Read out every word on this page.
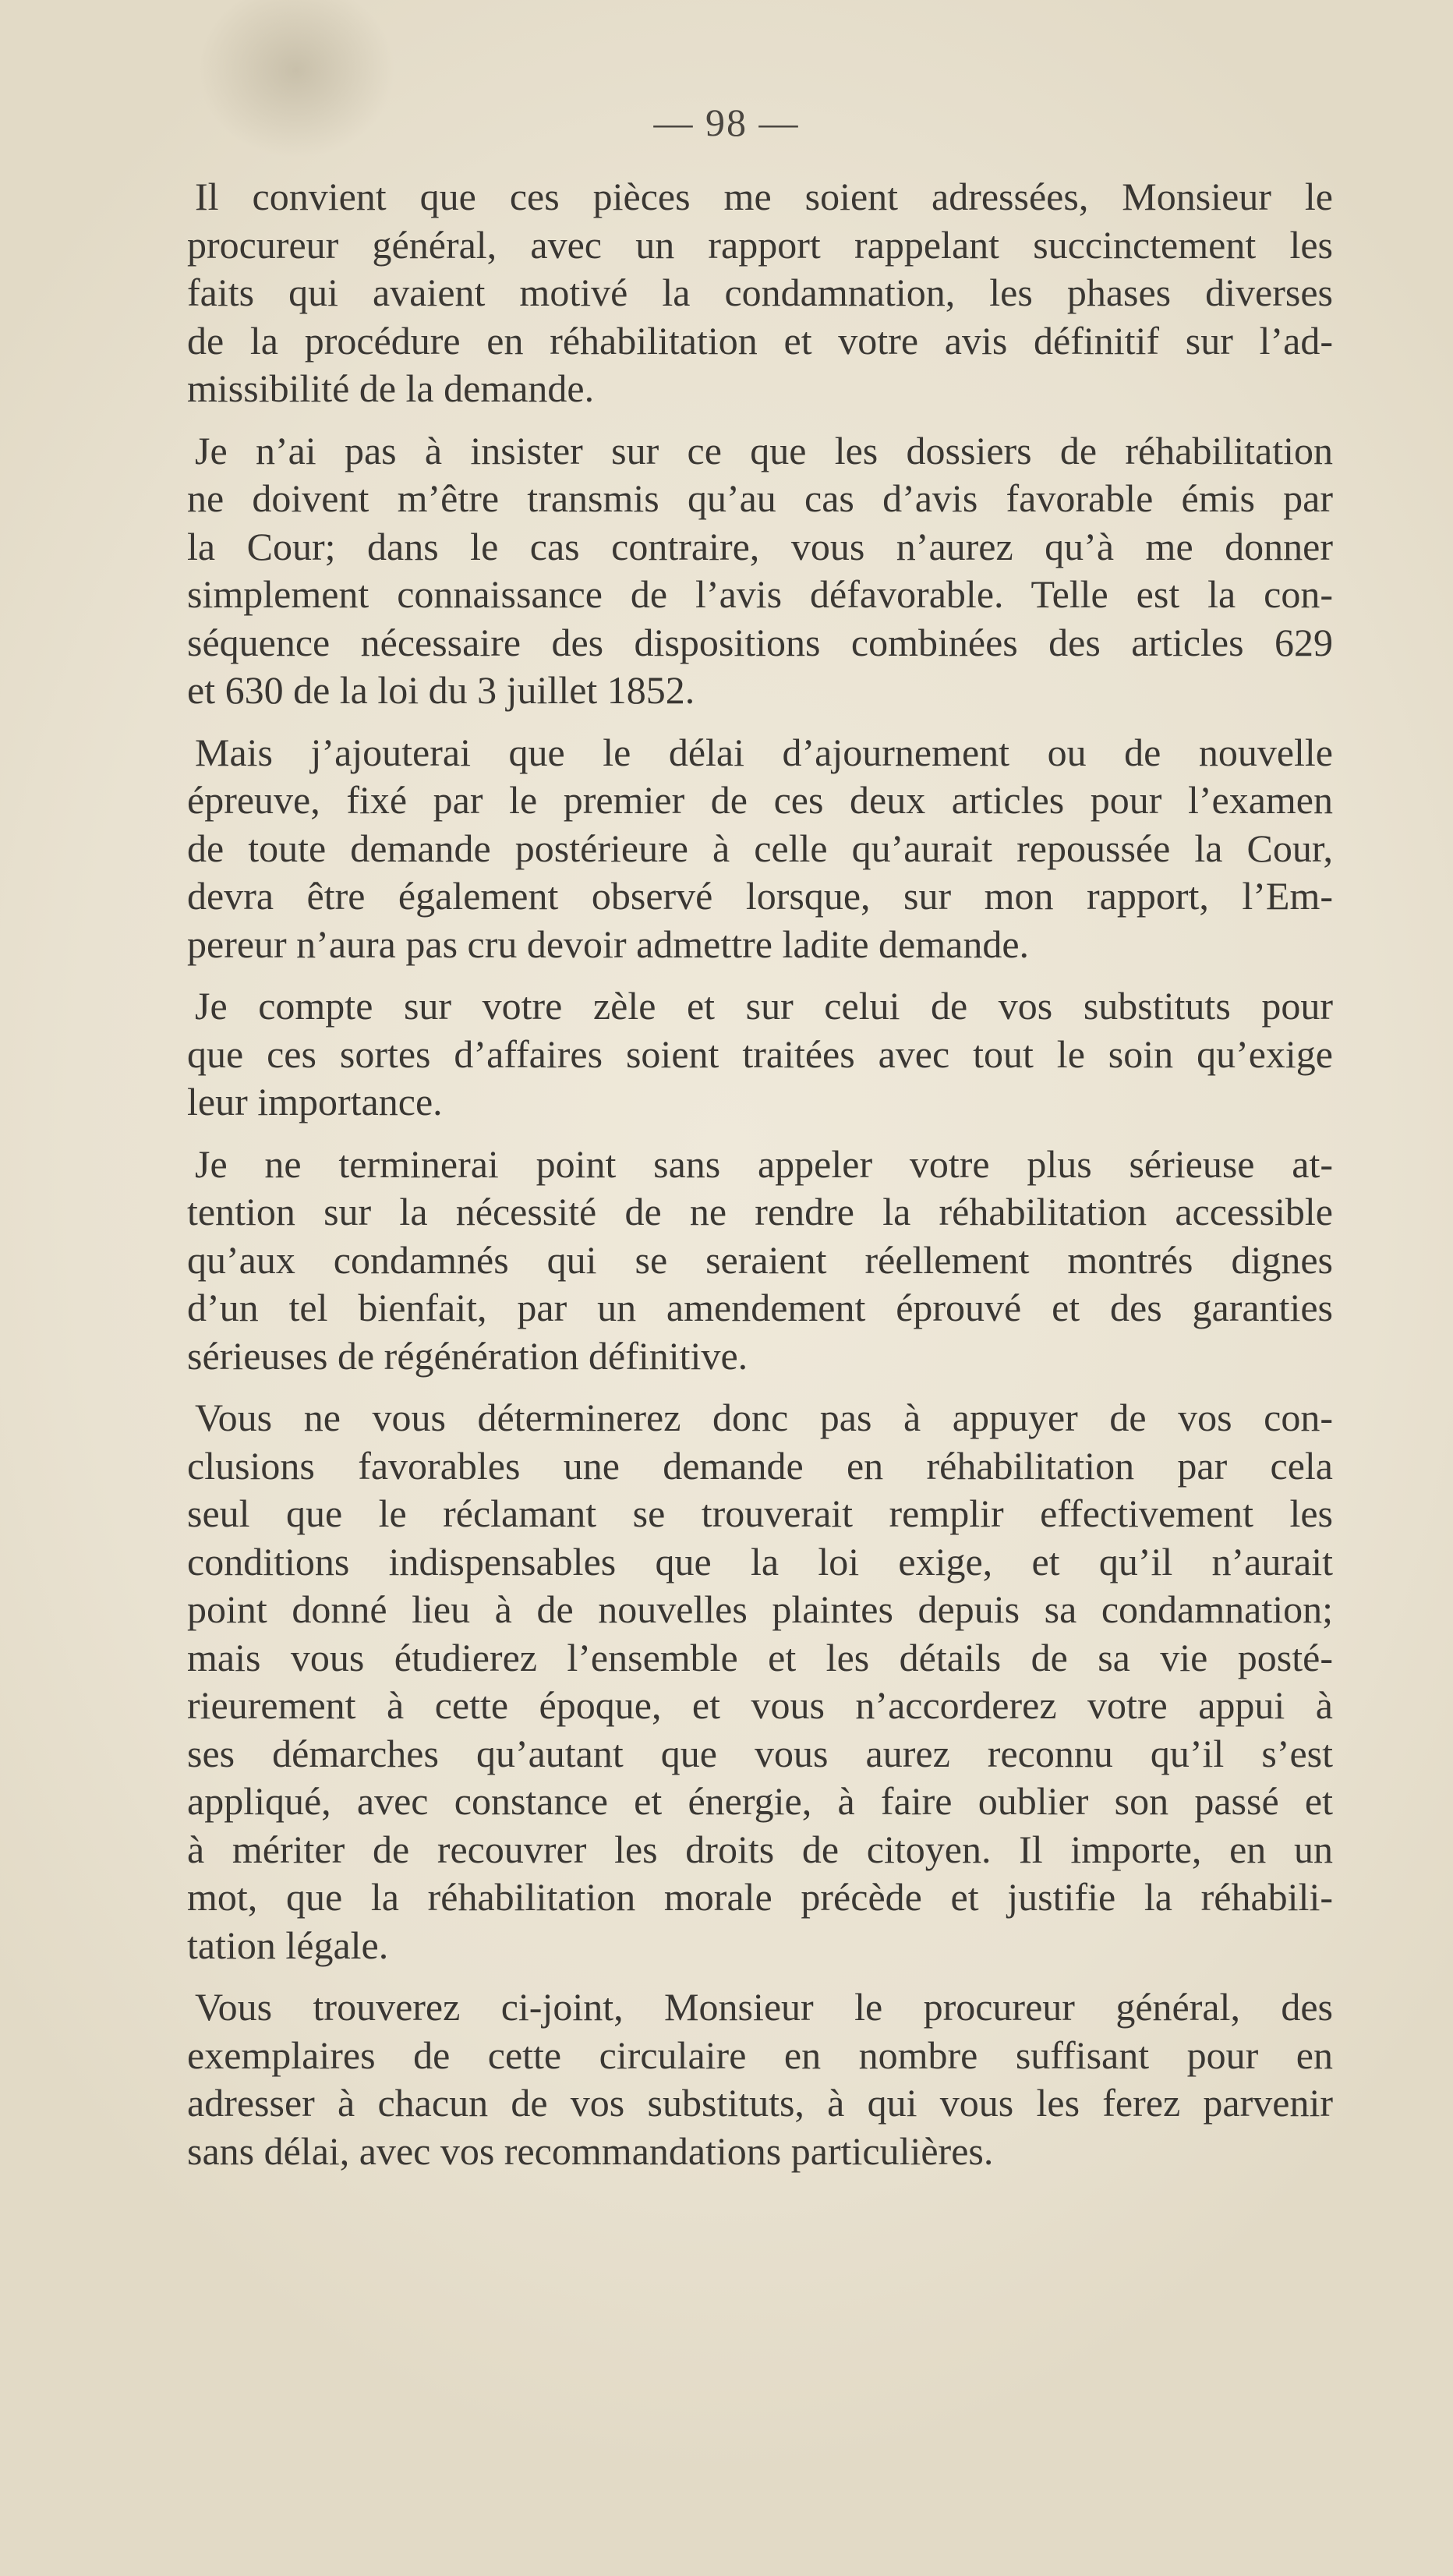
— 98 —

Il convient que ces pièces me soient adressées, Monsieur le
procureur général, avec un rapport rappelant succinctement les
faits qui avaient motivé la condamnation, les phases diverses
de la procédure en réhabilitation et votre avis définitif sur l’ad-
missibilité de la demande.

Je n’ai pas à insister sur ce que les dossiers de réhabilitation
ne doivent m’être transmis qu’au cas d’avis favorable émis par
la Cour; dans le cas contraire, vous n’aurez qu’à me donner
simplement connaissance de l’avis défavorable. Telle est la con-
séquence nécessaire des dispositions combinées des articles 629
et 630 de la loi du 3 juillet 1852.

Mais j’ajouterai que le délai d’ajournement ou de nouvelle
épreuve, fixé par le premier de ces deux articles pour l’examen
de toute demande postérieure à celle qu’aurait repoussée la Cour,
devra être également observé lorsque, sur mon rapport, l’Em-
pereur n’aura pas cru devoir admettre ladite demande.

Je compte sur votre zèle et sur celui de vos substituts pour
que ces sortes d’affaires soient traitées avec tout le soin qu’exige
leur importance.

Je ne terminerai point sans appeler votre plus sérieuse at-
tention sur la nécessité de ne rendre la réhabilitation accessible
qu’aux condamnés qui se seraient réellement montrés dignes
d’un tel bienfait, par un amendement éprouvé et des garanties
sérieuses de régénération définitive.

Vous ne vous déterminerez donc pas à appuyer de vos con-
clusions favorables une demande en réhabilitation par cela
seul que le réclamant se trouverait remplir effectivement les
conditions indispensables que la loi exige, et qu’il n’aurait
point donné lieu à de nouvelles plaintes depuis sa condamnation;
mais vous étudierez l’ensemble et les détails de sa vie posté-
rieurement à cette époque, et vous n’accorderez votre appui à
ses démarches qu’autant que vous aurez reconnu qu’il s’est
appliqué, avec constance et énergie, à faire oublier son passé et
à mériter de recouvrer les droits de citoyen. Il importe, en un
mot, que la réhabilitation morale précède et justifie la réhabili-
tation légale.

Vous trouverez ci-joint, Monsieur le procureur général, des
exemplaires de cette circulaire en nombre suffisant pour en
adresser à chacun de vos substituts, à qui vous les ferez parvenir
sans délai, avec vos recommandations particulières.
